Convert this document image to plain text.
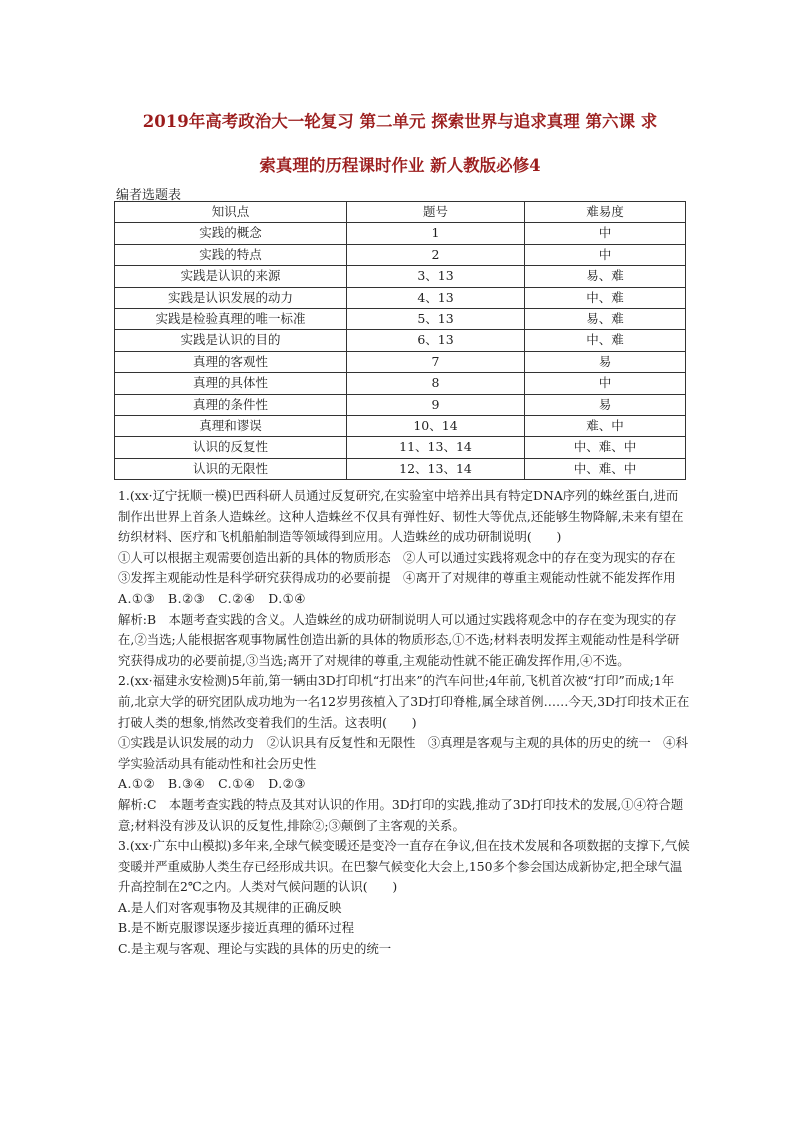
2019年高考政治大一轮复习 第二单元 探索世界与追求真理 第六课 求
索真理的历程课时作业 新人教版必修4
编者选题表
知识点	题号	难易度
实践的概念	1	中
实践的特点	2	中
实践是认识的来源	3、13	易、难
实践是认识发展的动力	4、13	中、难
实践是检验真理的唯一标准	5、13	易、难
实践是认识的目的	6、13	中、难
真理的客观性	7	易
真理的具体性	8	中
真理的条件性	9	易
真理和谬误	10、14	难、中
认识的反复性	11、13、14	中、难、中
认识的无限性	12、13、14	中、难、中

1.(xx·辽宁抚顺一模)巴西科研人员通过反复研究,在实验室中培养出具有特定DNA序列的蛛丝蛋白,进而制作出世界上首条人造蛛丝。这种人造蛛丝不仅具有弹性好、韧性大等优点,还能够生物降解,未来有望在纺织材料、医疗和飞机船舶制造等领域得到应用。人造蛛丝的成功研制说明(　　)

①人可以根据主观需要创造出新的具体的物质形态　②人可以通过实践将观念中的存在变为现实的存在　③发挥主观能动性是科学研究获得成功的必要前提　④离开了对规律的尊重主观能动性就不能发挥作用

A.①③　B.②③　C.②④　D.①④

解析:B　本题考查实践的含义。人造蛛丝的成功研制说明人可以通过实践将观念中的存在变为现实的存在,②当选;人能根据客观事物属性创造出新的具体的物质形态,①不选;材料表明发挥主观能动性是科学研究获得成功的必要前提,③当选;离开了对规律的尊重,主观能动性就不能正确发挥作用,④不选。

2.(xx·福建永安检测)5年前,第一辆由3D打印机“打出来”的汽车问世;4年前,飞机首次被“打印”而成;1年前,北京大学的研究团队成功地为一名12岁男孩植入了3D打印脊椎,属全球首例……今天,3D打印技术正在打破人类的想象,悄然改变着我们的生活。这表明(　　)

①实践是认识发展的动力　②认识具有反复性和无限性　③真理是客观与主观的具体的历史的统一　④科学实验活动具有能动性和社会历史性

A.①②　B.③④　C.①④　D.②③

解析:C　本题考查实践的特点及其对认识的作用。3D打印的实践,推动了3D打印技术的发展,①④符合题意;材料没有涉及认识的反复性,排除②;③颠倒了主客观的关系。

3.(xx·广东中山模拟)多年来,全球气候变暖还是变冷一直存在争议,但在技术发展和各项数据的支撑下,气候变暖并严重威胁人类生存已经形成共识。在巴黎气候变化大会上,150多个参会国达成新协定,把全球气温升高控制在2℃之内。人类对气候问题的认识(　　)

A.是人们对客观事物及其规律的正确反映

B.是不断克服谬误逐步接近真理的循环过程

C.是主观与客观、理论与实践的具体的历史的统一
